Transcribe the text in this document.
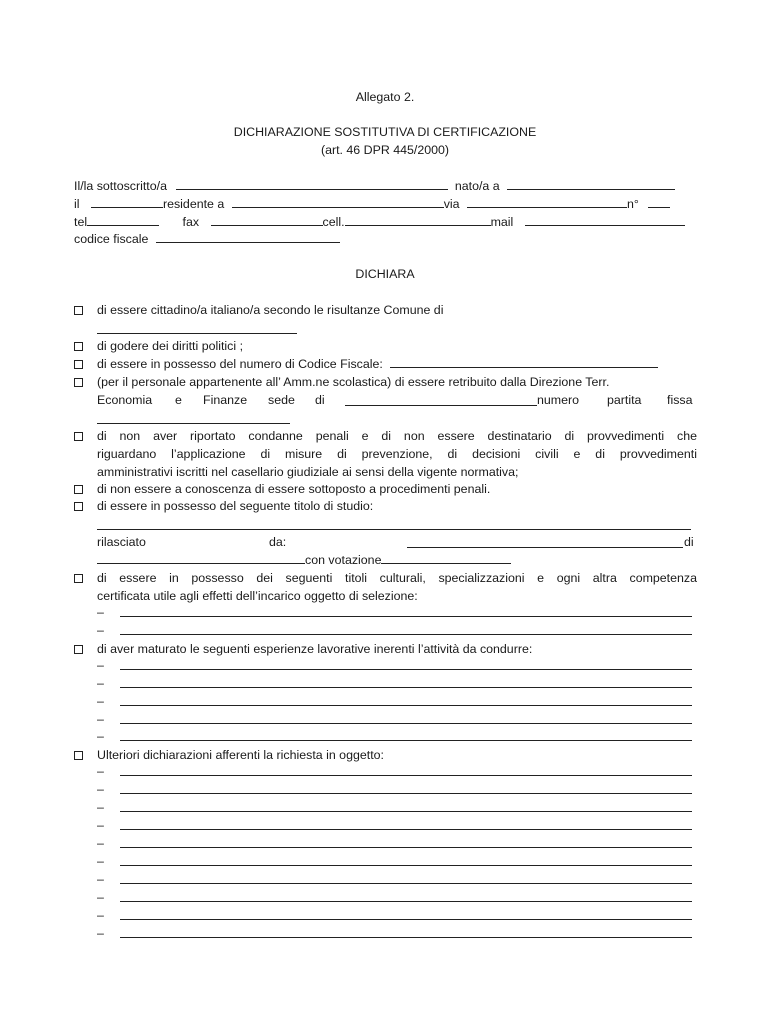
Allegato 2.
DICHIARAZIONE SOSTITUTIVA DI CERTIFICAZIONE
(art. 46 DPR 445/2000)
Il/la sottoscritto/a	nato/a a
il	residente a	via	n°
tel	fax	cell.	mail
codice fiscale
DICHIARA
di essere cittadino/a italiano/a secondo le risultanze Comune di
di godere dei diritti politici ;
di essere in possesso del numero di Codice Fiscale:
(per il personale appartenente all’ Amm.ne scolastica) di essere retribuito dalla Direzione Terr.
Economia e Finanze sede di	numero partita fissa
di non aver riportato condanne penali e di non essere destinatario di provvedimenti che
riguardano l’applicazione di misure di prevenzione, di decisioni civili e di provvedimenti
amministrativi iscritti nel casellario giudiziale ai sensi della vigente normativa;
di non essere a conoscenza di essere sottoposto a procedimenti penali.
di essere in possesso del seguente titolo di studio:
rilasciato	da:	di
con votazione
di essere in possesso dei seguenti titoli culturali, specializzazioni e ogni altra competenza
certificata utile agli effetti dell’incarico oggetto di selezione:
–
–
di aver maturato le seguenti esperienze lavorative inerenti l’attività da condurre:
–
–
–
–
–
Ulteriori dichiarazioni afferenti la richiesta in oggetto:
–
–
–
–
–
–
–
–
–
–
